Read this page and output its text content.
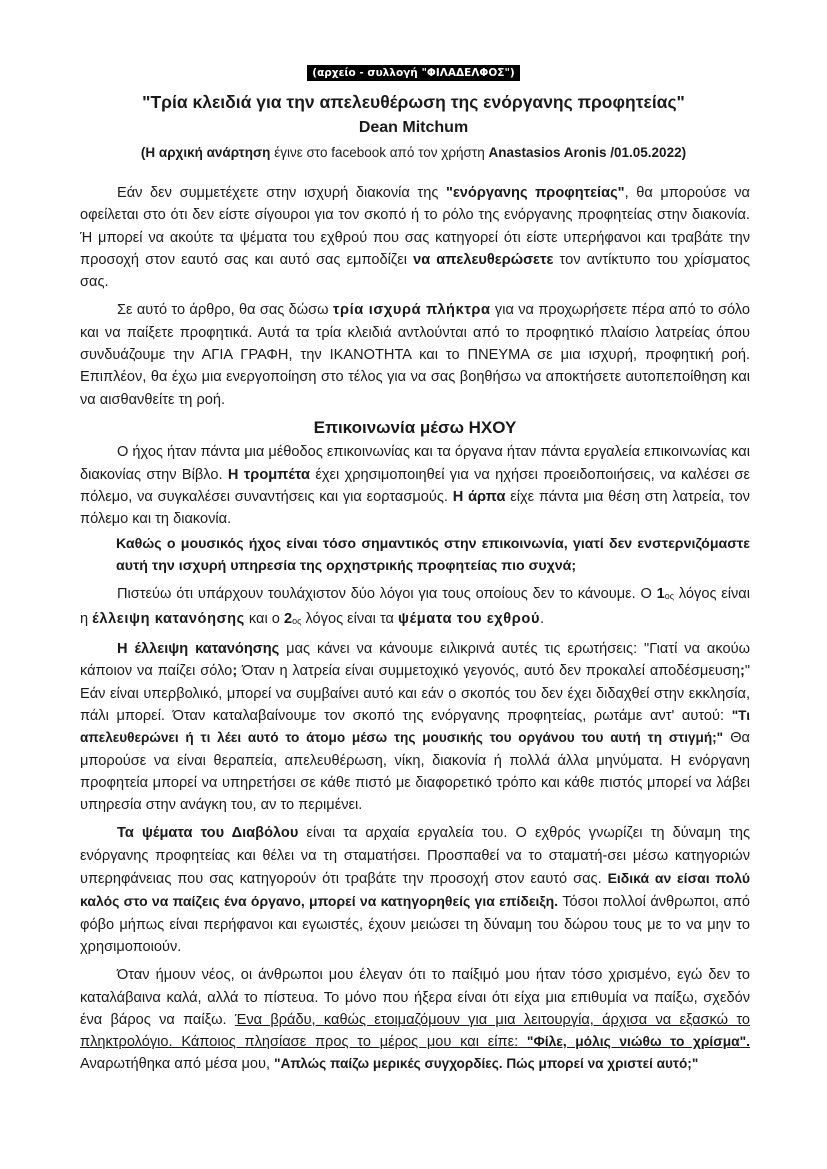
(αρχείο - συλλογή "ΦΙΛΑΔΕΛΦΟΣ")
"Τρία κλειδιά για την απελευθέρωση της ενόργανης προφητείας"
Dean Mitchum
(Η αρχική ανάρτηση έγινε στο facebook από τον χρήστη Anastasios Aronis /01.05.2022)

Εάν δεν συμμετέχετε στην ισχυρή διακονία της "ενόργανης προφητείας", θα μπορούσε να οφείλεται στο ότι δεν είστε σίγουροι για τον σκοπό ή το ρόλο της ενόργανης προφητείας στην διακονία. Ή μπορεί να ακούτε τα ψέματα του εχθρού που σας κατηγορεί ότι είστε υπερήφανοι και τραβάτε την προσοχή στον εαυτό σας και αυτό σας εμποδίζει να απελευθερώσετε τον αντίκτυπο του χρίσματος σας.

Σε αυτό το άρθρο, θα σας δώσω τρία ισχυρά πλήκτρα για να προχωρήσετε πέρα από το σόλο και να παίξετε προφητικά. Αυτά τα τρία κλειδιά αντλούνται από το προφητικό πλαίσιο λατρείας όπου συνδυάζουμε την ΑΓΙΑ ΓΡΑΦΗ, την ΙΚΑΝΟΤΗΤΑ και το ΠΝΕΥΜΑ σε μια ισχυρή, προφητική ροή. Επιπλέον, θα έχω μια ενεργοποίηση στο τέλος για να σας βοηθήσω να αποκτήσετε αυτοπεποίθηση και να αισθανθείτε τη ροή.

Επικοινωνία μέσω ΗΧΟΥ

Ο ήχος ήταν πάντα μια μέθοδος επικοινωνίας και τα όργανα ήταν πάντα εργαλεία επικοινωνίας και διακονίας στην Βίβλο. Η τρομπέτα έχει χρησιμοποιηθεί για να ηχήσει προειδοποιήσεις, να καλέσει σε πόλεμο, να συγκαλέσει συναντήσεις και για εορτασμούς. Η άρπα είχε πάντα μια θέση στη λατρεία, τον πόλεμο και τη διακονία.

Καθώς ο μουσικός ήχος είναι τόσο σημαντικός στην επικοινωνία, γιατί δεν ενστερνιζόμαστε αυτή την ισχυρή υπηρεσία της ορχηστρικής προφητείας πιο συχνά;

Πιστεύω ότι υπάρχουν τουλάχιστον δύο λόγοι για τους οποίους δεν το κάνουμε. Ο $1_{o\varsigma}$ λόγος είναι η έλλειψη κατανόησης και ο $2_{o\varsigma}$ λόγος είναι τα ψέματα του εχθρού.

Η έλλειψη κατανόησης μας κάνει να κάνουμε ειλικρινά αυτές τις ερωτήσεις: "Γιατί να ακούω κάποιον να παίζει σόλο; Όταν η λατρεία είναι συμμετοχικό γεγονός, αυτό δεν προκαλεί αποδέσμευση;" Εάν είναι υπερβολικό, μπορεί να συμβαίνει αυτό και εάν ο σκοπός του δεν έχει διδαχθεί στην εκκλησία, πάλι μπορεί. Όταν καταλαβαίνουμε τον σκοπό της ενόργανης προφητείας, ρωτάμε αντ' αυτού: "Τι απελευθερώνει ή τι λέει αυτό το άτομο μέσω της μουσικής του οργάνου του αυτή τη στιγμή;" Θα μπορούσε να είναι θεραπεία, απελευθέρωση, νίκη, διακονία ή πολλά άλλα μηνύματα. Η ενόργανη προφητεία μπορεί να υπηρετήσει σε κάθε πιστό με διαφορετικό τρόπο και κάθε πιστός μπορεί να λάβει υπηρεσία στην ανάγκη του, αν το περιμένει.

Τα ψέματα του Διαβόλου είναι τα αρχαία εργαλεία του. Ο εχθρός γνωρίζει τη δύναμη της ενόργανης προφητείας και θέλει να τη σταματήσει. Προσπαθεί να το σταματή-σει μέσω κατηγοριών υπερηφάνειας που σας κατηγορούν ότι τραβάτε την προσοχή στον εαυτό σας. Ειδικά αν είσαι πολύ καλός στο να παίζεις ένα όργανο, μπορεί να κατηγορηθείς για επίδειξη. Τόσοι πολλοί άνθρωποι, από φόβο μήπως είναι περήφανοι και εγωιστές, έχουν μειώσει τη δύναμη του δώρου τους με το να μην το χρησιμοποιούν.

Όταν ήμουν νέος, οι άνθρωποι μου έλεγαν ότι το παίξιμό μου ήταν τόσο χρισμένο, εγώ δεν το καταλάβαινα καλά, αλλά το πίστευα. Το μόνο που ήξερα είναι ότι είχα μια επιθυμία να παίξω, σχεδόν ένα βάρος να παίξω. Ένα βράδυ, καθώς ετοιμαζόμουν για μια λειτουργία, άρχισα να εξασκώ το πληκτρολόγιο. Κάποιος πλησίασε προς το μέρος μου και είπε: "Φίλε, μόλις νιώθω το χρίσμα". Αναρωτήθηκα από μέσα μου, "Απλώς παίζω μερικές συγχορδίες. Πώς μπορεί να χριστεί αυτό;"
